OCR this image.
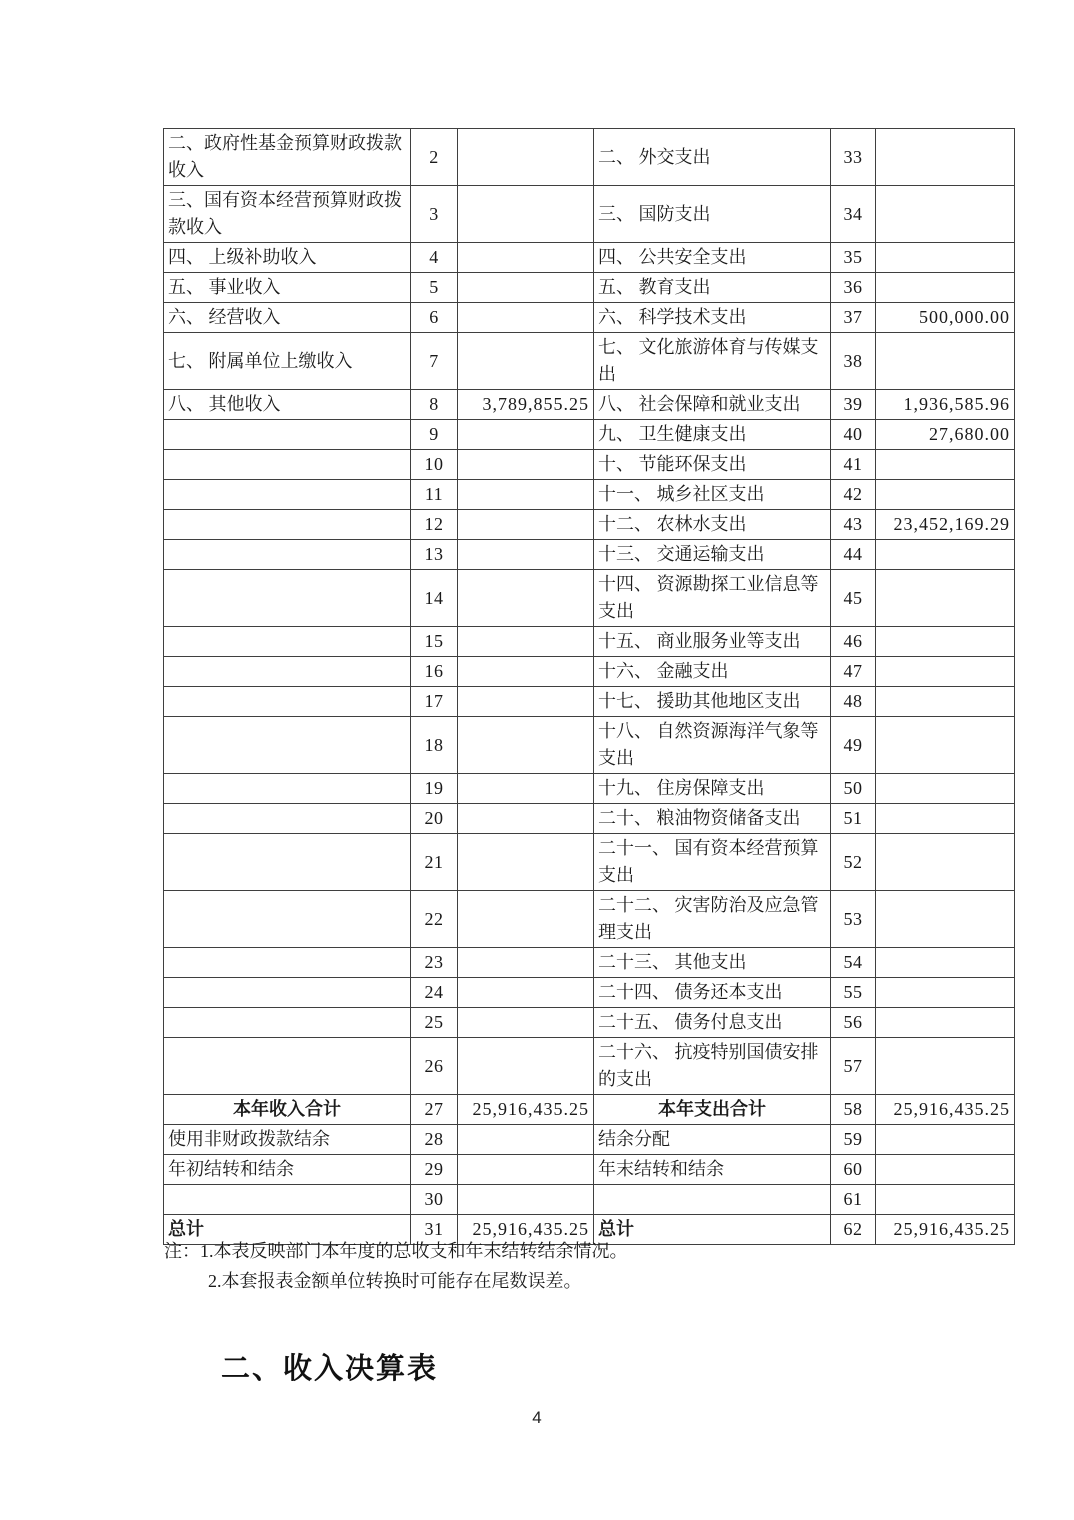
二、政府性基金预算财政拨款收入	2		二、 外交支出	33	
三、国有资本经营预算财政拨款收入	3		三、 国防支出	34	
四、 上级补助收入	4		四、 公共安全支出	35	
五、 事业收入	5		五、 教育支出	36	
六、 经营收入	6		六、 科学技术支出	37	500,000.00
七、 附属单位上缴收入	7		七、 文化旅游体育与传媒支出	38	
八、 其他收入	8	3,789,855.25	八、 社会保障和就业支出	39	1,936,585.96
	9		九、 卫生健康支出	40	27,680.00
	10		十、 节能环保支出	41	
	11		十一、 城乡社区支出	42	
	12		十二、 农林水支出	43	23,452,169.29
	13		十三、 交通运输支出	44	
	14		十四、 资源勘探工业信息等支出	45	
	15		十五、 商业服务业等支出	46	
	16		十六、 金融支出	47	
	17		十七、 援助其他地区支出	48	
	18		十八、 自然资源海洋气象等支出	49	
	19		十九、 住房保障支出	50	
	20		二十、 粮油物资储备支出	51	
	21		二十一、 国有资本经营预算支出	52	
	22		二十二、 灾害防治及应急管理支出	53	
	23		二十三、 其他支出	54	
	24		二十四、 债务还本支出	55	
	25		二十五、 债务付息支出	56	
	26		二十六、 抗疫特别国债安排的支出	57	
本年收入合计	27	25,916,435.25	本年支出合计	58	25,916,435.25
使用非财政拨款结余	28		结余分配	59	
年初结转和结余	29		年末结转和结余	60	
	30			61	
总计	31	25,916,435.25	总计	62	25,916,435.25
注：1.本表反映部门本年度的总收支和年末结转结余情况。
2.本套报表金额单位转换时可能存在尾数误差。
二、收入决算表
4
